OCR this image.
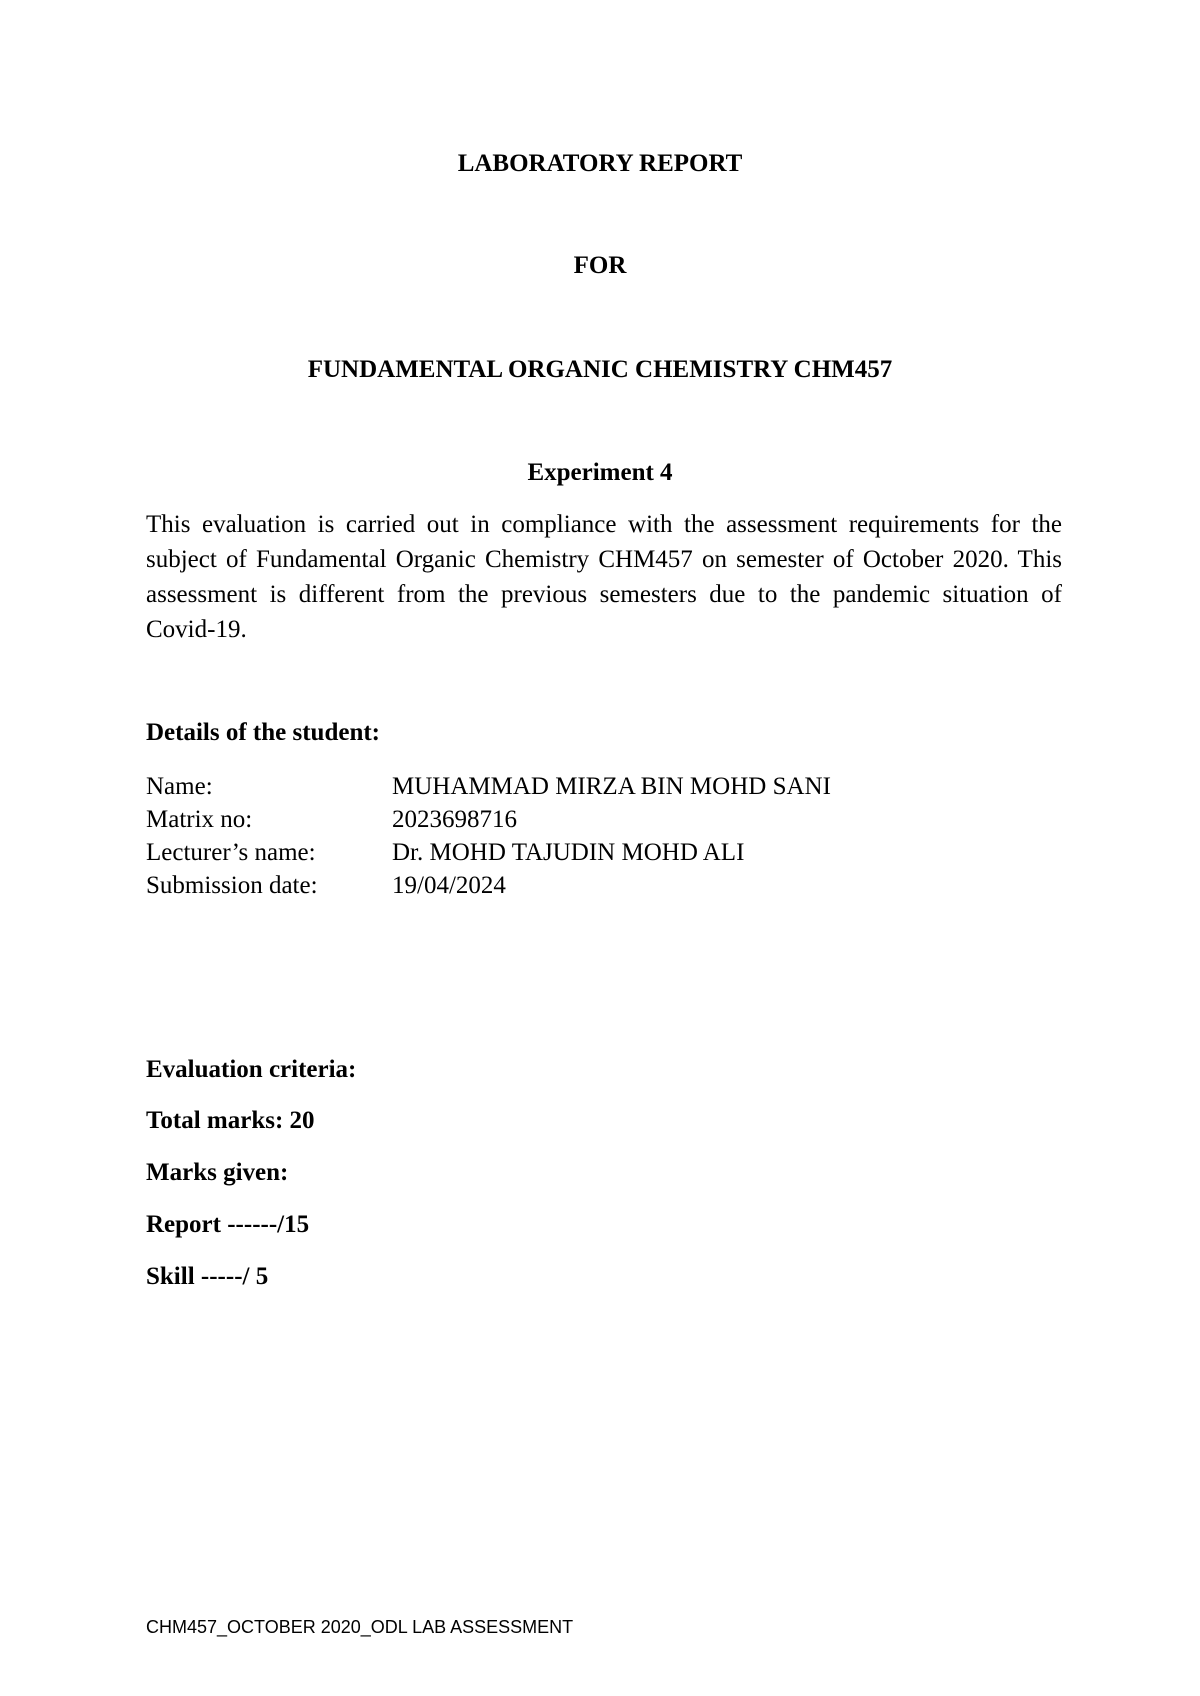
LABORATORY REPORT
FOR
FUNDAMENTAL ORGANIC CHEMISTRY CHM457
Experiment 4

This evaluation is carried out in compliance with the assessment requirements for the subject of Fundamental Organic Chemistry CHM457 on semester of October 2020. This assessment is different from the previous semesters due to the pandemic situation of Covid-19.

Details of the student:
Name:	MUHAMMAD MIRZA BIN MOHD SANI
Matrix no:	2023698716
Lecturer’s name:	Dr. MOHD TAJUDIN MOHD ALI
Submission date:	19/04/2024
Evaluation criteria:
Total marks: 20
Marks given:
Report ------/15
Skill -----/ 5
CHM457_OCTOBER 2020_ODL LAB ASSESSMENT
